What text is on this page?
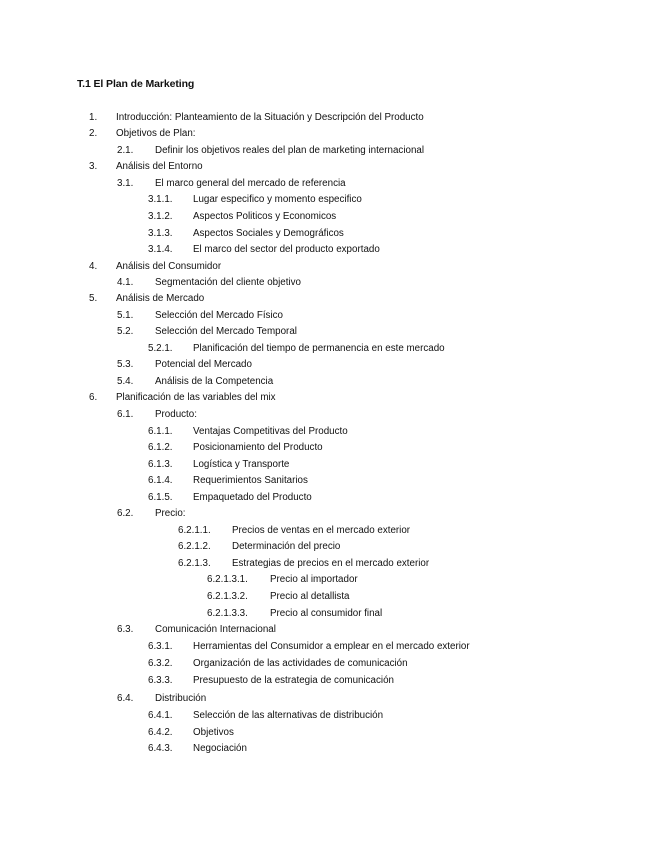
T.1 El Plan de Marketing
1. Introducción: Planteamiento de la Situación y Descripción del Producto
2. Objetivos de Plan:
2.1. Definir los objetivos reales del plan de marketing internacional
3. Análisis del Entorno
3.1. El marco general del mercado de referencia
3.1.1. Lugar especifico y momento especifico
3.1.2. Aspectos Politicos y Economicos
3.1.3. Aspectos Sociales y Demográficos
3.1.4. El marco del sector del producto exportado
4. Análisis del Consumidor
4.1. Segmentación del cliente objetivo
5. Análisis de Mercado
5.1. Selección del Mercado Físico
5.2. Selección del Mercado Temporal
5.2.1. Planificación del tiempo de permanencia en este mercado
5.3. Potencial del Mercado
5.4. Análisis de la Competencia
6. Planificación de las variables del mix
6.1. Producto:
6.1.1. Ventajas Competitivas del Producto
6.1.2. Posicionamiento del Producto
6.1.3. Logística y Transporte
6.1.4. Requerimientos Sanitarios
6.1.5. Empaquetado del Producto
6.2. Precio:
6.2.1.1. Precios de ventas en el mercado exterior
6.2.1.2. Determinación del precio
6.2.1.3. Estrategias de precios en el mercado exterior
6.2.1.3.1. Precio al importador
6.2.1.3.2. Precio al detallista
6.2.1.3.3. Precio al consumidor final
6.3. Comunicación Internacional
6.3.1. Herramientas del Consumidor a emplear en el mercado exterior
6.3.2. Organización de las actividades de comunicación
6.3.3. Presupuesto de la estrategia de comunicación
6.4. Distribución
6.4.1. Selección de las alternativas de distribución
6.4.2. Objetivos
6.4.3. Negociación
